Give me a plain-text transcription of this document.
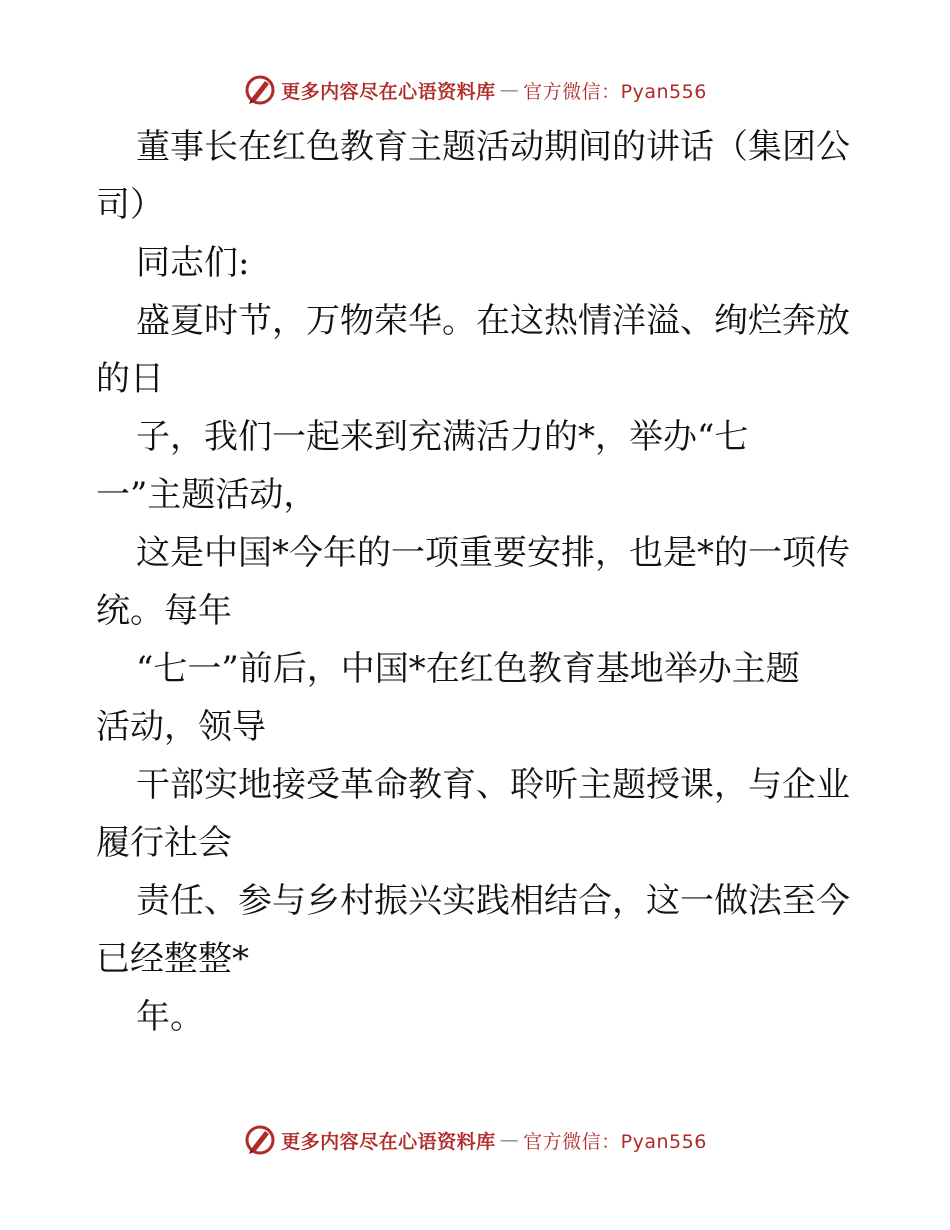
更多内容尽在心语资料库 — 官方微信：Pyan556
董事长在红色教育主题活动期间的讲话（集团公
司）
同志们:
盛夏时节，万物荣华。在这热情洋溢、绚烂奔放
的日
子，我们一起来到充满活力的*，举办“七
一”主题活动，
这是中国*今年的一项重要安排，也是*的一项传
统。每年
“七一”前后，中国*在红色教育基地举办主题
活动，领导
干部实地接受革命教育、聆听主题授课，与企业
履行社会
责任、参与乡村振兴实践相结合，这一做法至今
已经整整*
年。
更多内容尽在心语资料库 — 官方微信：Pyan556
